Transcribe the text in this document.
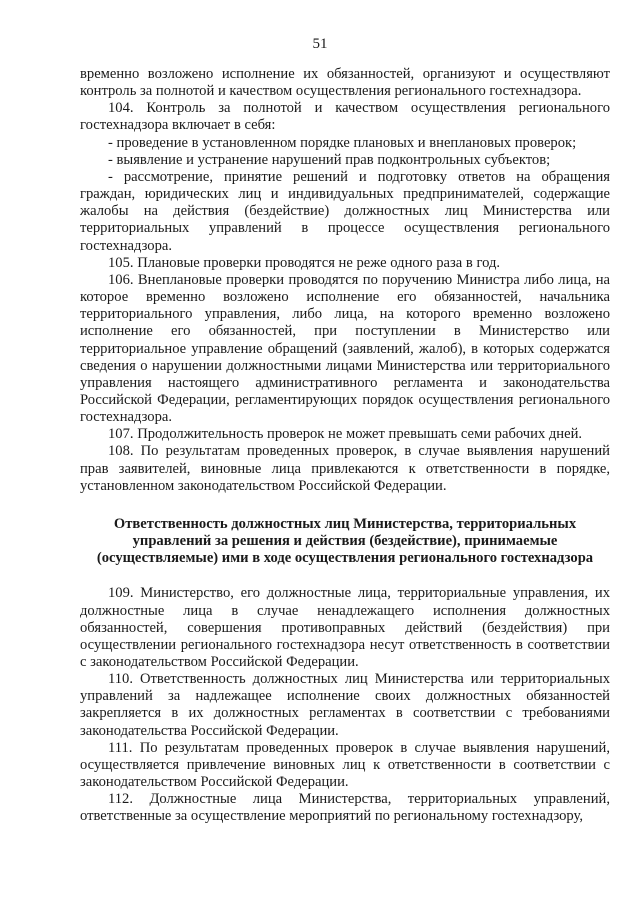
51

временно возложено исполнение их обязанностей, организуют и осуществляют контроль за полнотой и качеством осуществления регионального гостехнадзора.

104. Контроль за полнотой и качеством осуществления регионального гостехнадзора включает в себя:

- проведение в установленном порядке плановых и внеплановых проверок;

- выявление и устранение нарушений прав подконтрольных субъектов;

- рассмотрение, принятие решений и подготовку ответов на обращения граждан, юридических лиц и индивидуальных предпринимателей, содержащие жалобы на действия (бездействие) должностных лиц Министерства или территориальных управлений в процессе осуществления регионального гостехнадзора.

105. Плановые проверки проводятся не реже одного раза в год.

106. Внеплановые проверки проводятся по поручению Министра либо лица, на которое временно возложено исполнение его обязанностей, начальника территориального управления, либо лица, на которого временно возложено исполнение его обязанностей, при поступлении в Министерство или территориальное управление обращений (заявлений, жалоб), в которых содержатся сведения о нарушении должностными лицами Министерства или территориального управления настоящего административного регламента и законодательства Российской Федерации, регламентирующих порядок осуществления регионального гостехнадзора.

107. Продолжительность проверок не может превышать семи рабочих дней.

108. По результатам проведенных проверок, в случае выявления нарушений прав заявителей, виновные лица привлекаются к ответственности в порядке, установленном законодательством Российской Федерации.

Ответственность должностных лиц Министерства, территориальных управлений за решения и действия (бездействие), принимаемые (осуществляемые) ими в ходе осуществления регионального гостехнадзора

109. Министерство, его должностные лица, территориальные управления, их должностные лица в случае ненадлежащего исполнения должностных обязанностей, совершения противоправных действий (бездействия) при осуществлении регионального гостехнадзора несут ответственность в соответствии с законодательством Российской Федерации.

110. Ответственность должностных лиц Министерства или территориальных управлений за надлежащее исполнение своих должностных обязанностей закрепляется в их должностных регламентах в соответствии с требованиями законодательства Российской Федерации.

111. По результатам проведенных проверок в случае выявления нарушений, осуществляется привлечение виновных лиц к ответственности в соответствии с законодательством Российской Федерации.

112. Должностные лица Министерства, территориальных управлений, ответственные за осуществление мероприятий по региональному гостехнадзору,
